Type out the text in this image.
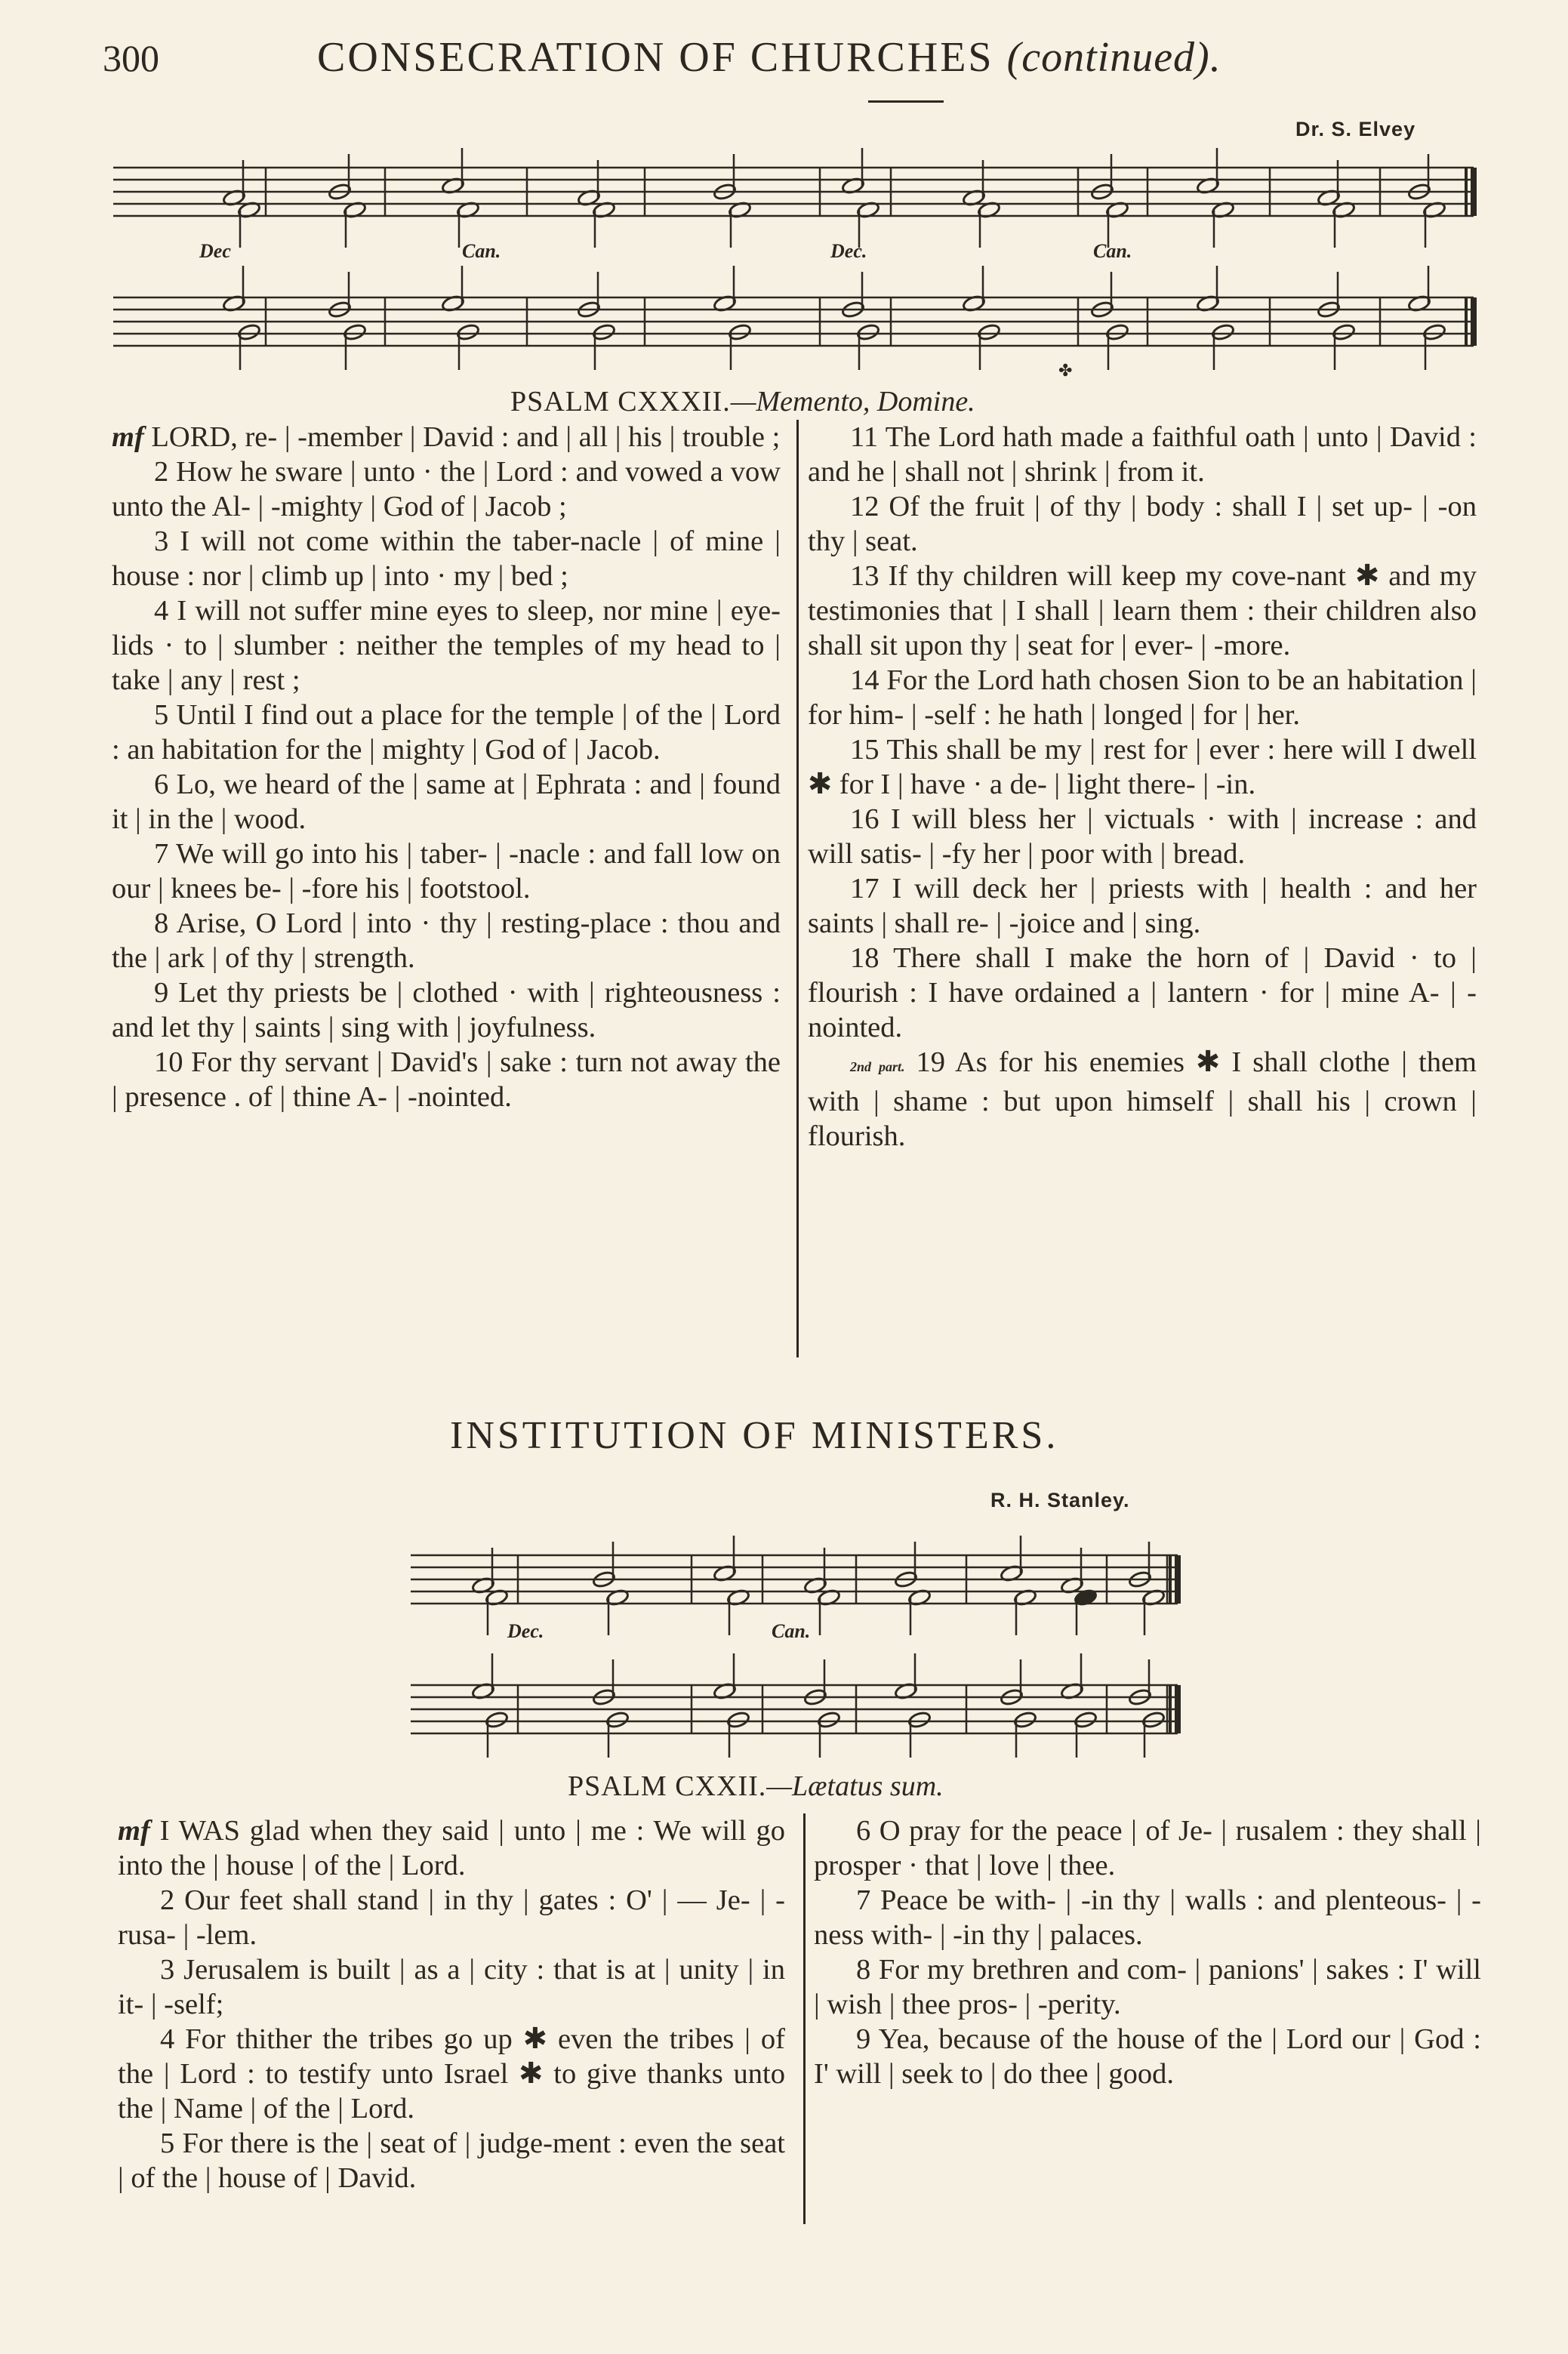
300	CONSECRATION OF CHURCHES (continued).
Dr. S. Elvey
Dec	Can.	Dec.	Can.
✤
PSALM CXXXII.—Memento, Domine.

mf LORD, re- | -member | David : and | all | his | trouble ;

2 How he sware | unto · the | Lord : and vowed a vow unto the Al- | -mighty | God of | Jacob ;

3 I will not come within the taber-nacle | of mine | house : nor | climb up | into · my | bed ;

4 I will not suffer mine eyes to sleep, nor mine | eye-lids · to | slumber : neither the temples of my head to | take | any | rest ;

5 Until I find out a place for the temple | of the | Lord : an habitation for the | mighty | God of | Jacob.

6 Lo, we heard of the | same at | Ephrata : and | found it | in the | wood.

7 We will go into his | taber- | -nacle : and fall low on our | knees be- | -fore his | footstool.

8 Arise, O Lord | into · thy | resting-place : thou and the | ark | of thy | strength.

9 Let thy priests be | clothed · with | righteousness : and let thy | saints | sing with | joyfulness.

10 For thy servant | David's | sake : turn not away the | presence . of | thine A- | -nointed.

11 The Lord hath made a faithful oath | unto | David : and he | shall not | shrink | from it.

12 Of the fruit | of thy | body : shall I | set up- | -on thy | seat.

13 If thy children will keep my cove-nant ✱ and my testimonies that | I shall | learn them : their children also shall sit upon thy | seat for | ever- | -more.

14 For the Lord hath chosen Sion to be an habitation | for him- | -self : he hath | longed | for | her.

15 This shall be my | rest for | ever : here will I dwell ✱ for I | have · a de- | light there- | -in.

16 I will bless her | victuals · with | increase : and will satis- | -fy her | poor with | bread.

17 I will deck her | priests with | health : and her saints | shall re- | -joice and | sing.

18 There shall I make the horn of | David · to | flourish : I have ordained a | lantern · for | mine A- | -nointed.

2nd part. 19 As for his enemies ✱ I shall clothe | them with | shame : but upon himself | shall his | crown | flourish.

INSTITUTION OF MINISTERS.
R. H. Stanley.
Dec.	Can.
PSALM CXXII.—Lætatus sum.

mf I WAS glad when they said | unto | me : We will go into the | house | of the | Lord.

2 Our feet shall stand | in thy | gates : O' | — Je- | -rusa- | -lem.

3 Jerusalem is built | as a | city : that is at | unity | in it- | -self;

4 For thither the tribes go up ✱ even the tribes | of the | Lord : to testify unto Israel ✱ to give thanks unto the | Name | of the | Lord.

5 For there is the | seat of | judge-ment : even the seat | of the | house of | David.

6 O pray for the peace | of Je- | rusalem : they shall | prosper · that | love | thee.

7 Peace be with- | -in thy | walls : and plenteous- | -ness with- | -in thy | palaces.

8 For my brethren and com- | panions' | sakes : I' will | wish | thee pros- | -perity.

9 Yea, because of the house of the | Lord our | God : I' will | seek to | do thee | good.
